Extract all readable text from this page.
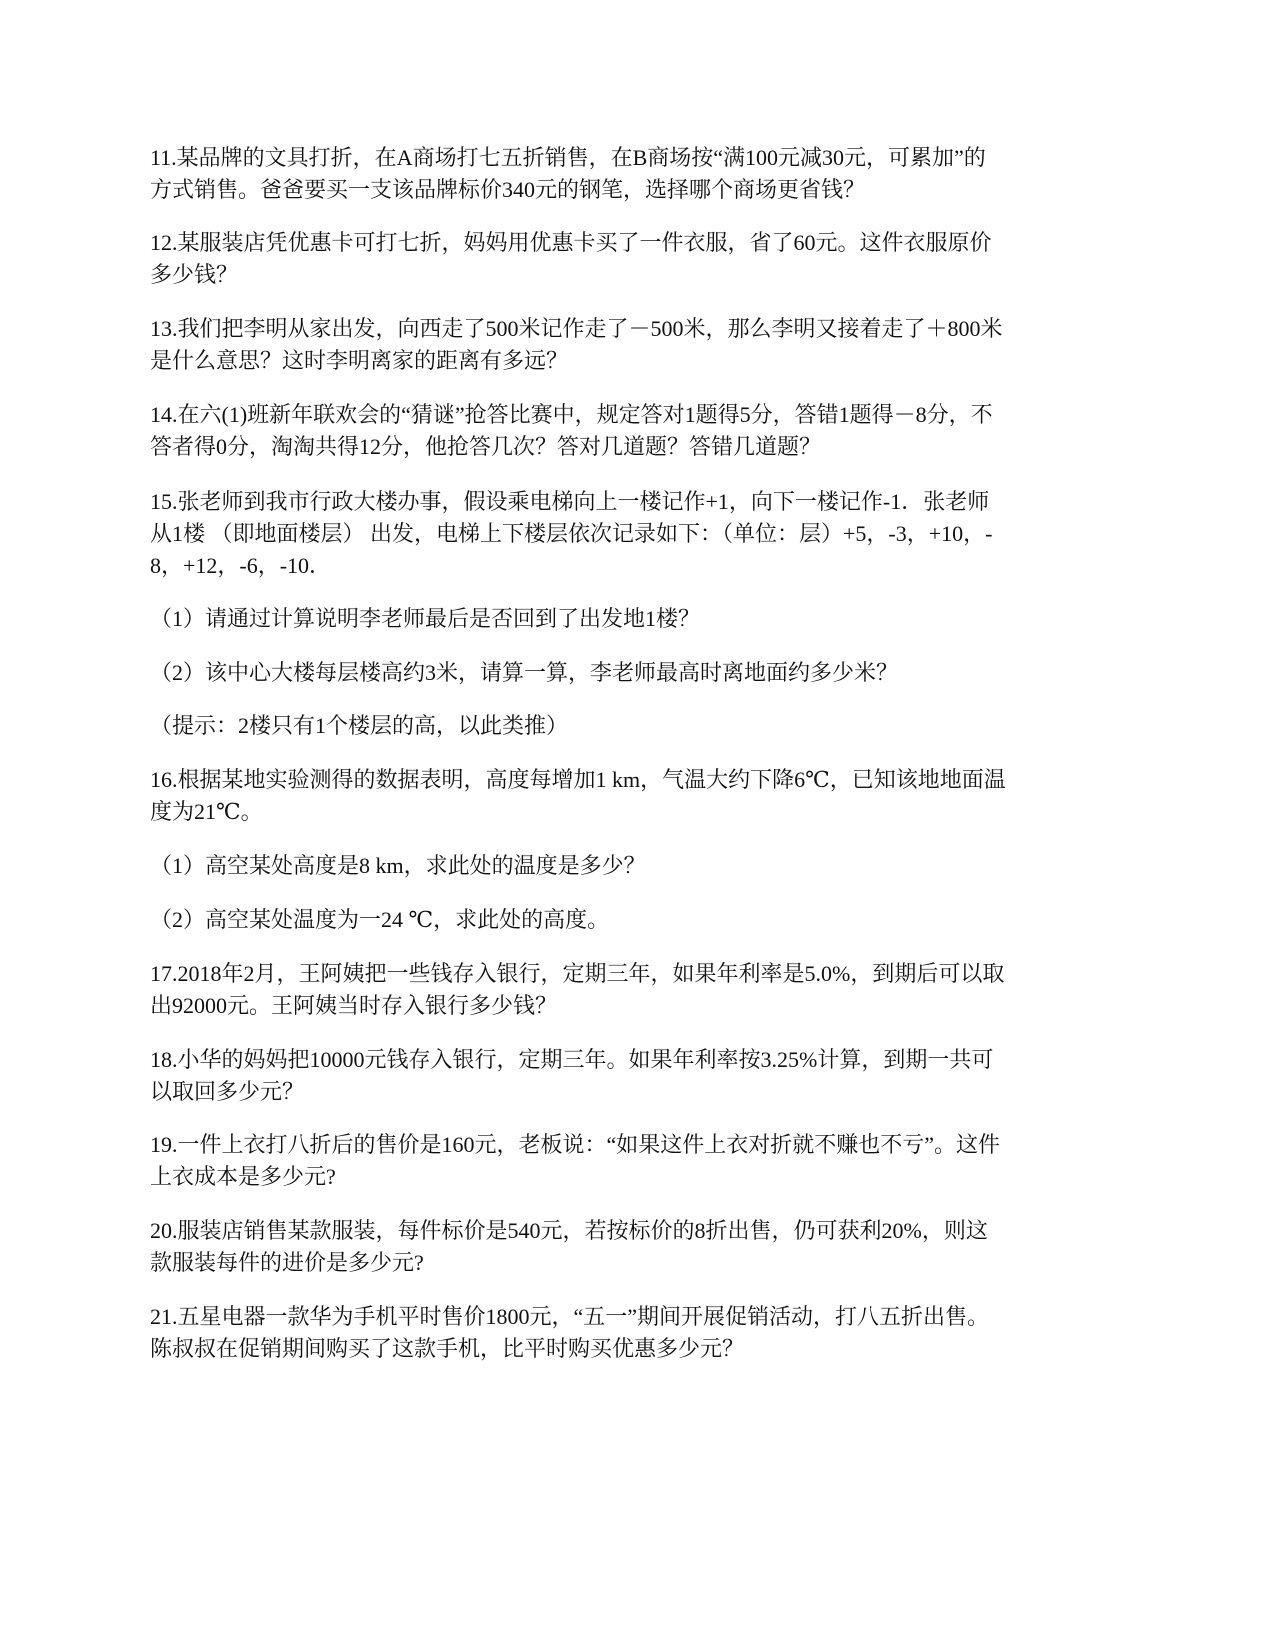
11.某品牌的文具打折，在A商场打七五折销售，在B商场按“满100元减30元，可累加”的
方式销售。爸爸要买一支该品牌标价340元的钢笔，选择哪个商场更省钱？
12.某服装店凭优惠卡可打七折，妈妈用优惠卡买了一件衣服，省了60元。这件衣服原价
多少钱？
13.我们把李明从家出发，向西走了500米记作走了－500米，那么李明又接着走了＋800米
是什么意思？这时李明离家的距离有多远？
14.在六(1)班新年联欢会的“猜谜”抢答比赛中，规定答对1题得5分，答错1题得－8分，不
答者得0分，淘淘共得12分，他抢答几次？答对几道题？答错几道题？
15.张老师到我市行政大楼办事，假设乘电梯向上一楼记作+1，向下一楼记作-1．张老师
从1楼 （即地面楼层） 出发，电梯上下楼层依次记录如下：（单位：层）+5，-3，+10，-
8，+12，-6，-10．
（1）请通过计算说明李老师最后是否回到了出发地1楼？
（2）该中心大楼每层楼高约3米，请算一算，李老师最高时离地面约多少米？
（提示：2楼只有1个楼层的高，以此类推）
16.根据某地实验测得的数据表明，高度每增加1 km，气温大约下降6℃，已知该地地面温
度为21℃。
（1）高空某处高度是8 km，求此处的温度是多少？
（2）高空某处温度为一24 ℃，求此处的高度。
17.2018年2月，王阿姨把一些钱存入银行，定期三年，如果年利率是5.0%，到期后可以取
出92000元。王阿姨当时存入银行多少钱？
18.小华的妈妈把10000元钱存入银行，定期三年。如果年利率按3.25%计算，到期一共可
以取回多少元？
19.一件上衣打八折后的售价是160元，老板说：“如果这件上衣对折就不赚也不亏”。这件
上衣成本是多少元?
20.服装店销售某款服装，每件标价是540元，若按标价的8折出售，仍可获利20%，则这
款服装每件的进价是多少元?
21.五星电器一款华为手机平时售价1800元，“五一”期间开展促销活动，打八五折出售。
陈叔叔在促销期间购买了这款手机，比平时购买优惠多少元？
